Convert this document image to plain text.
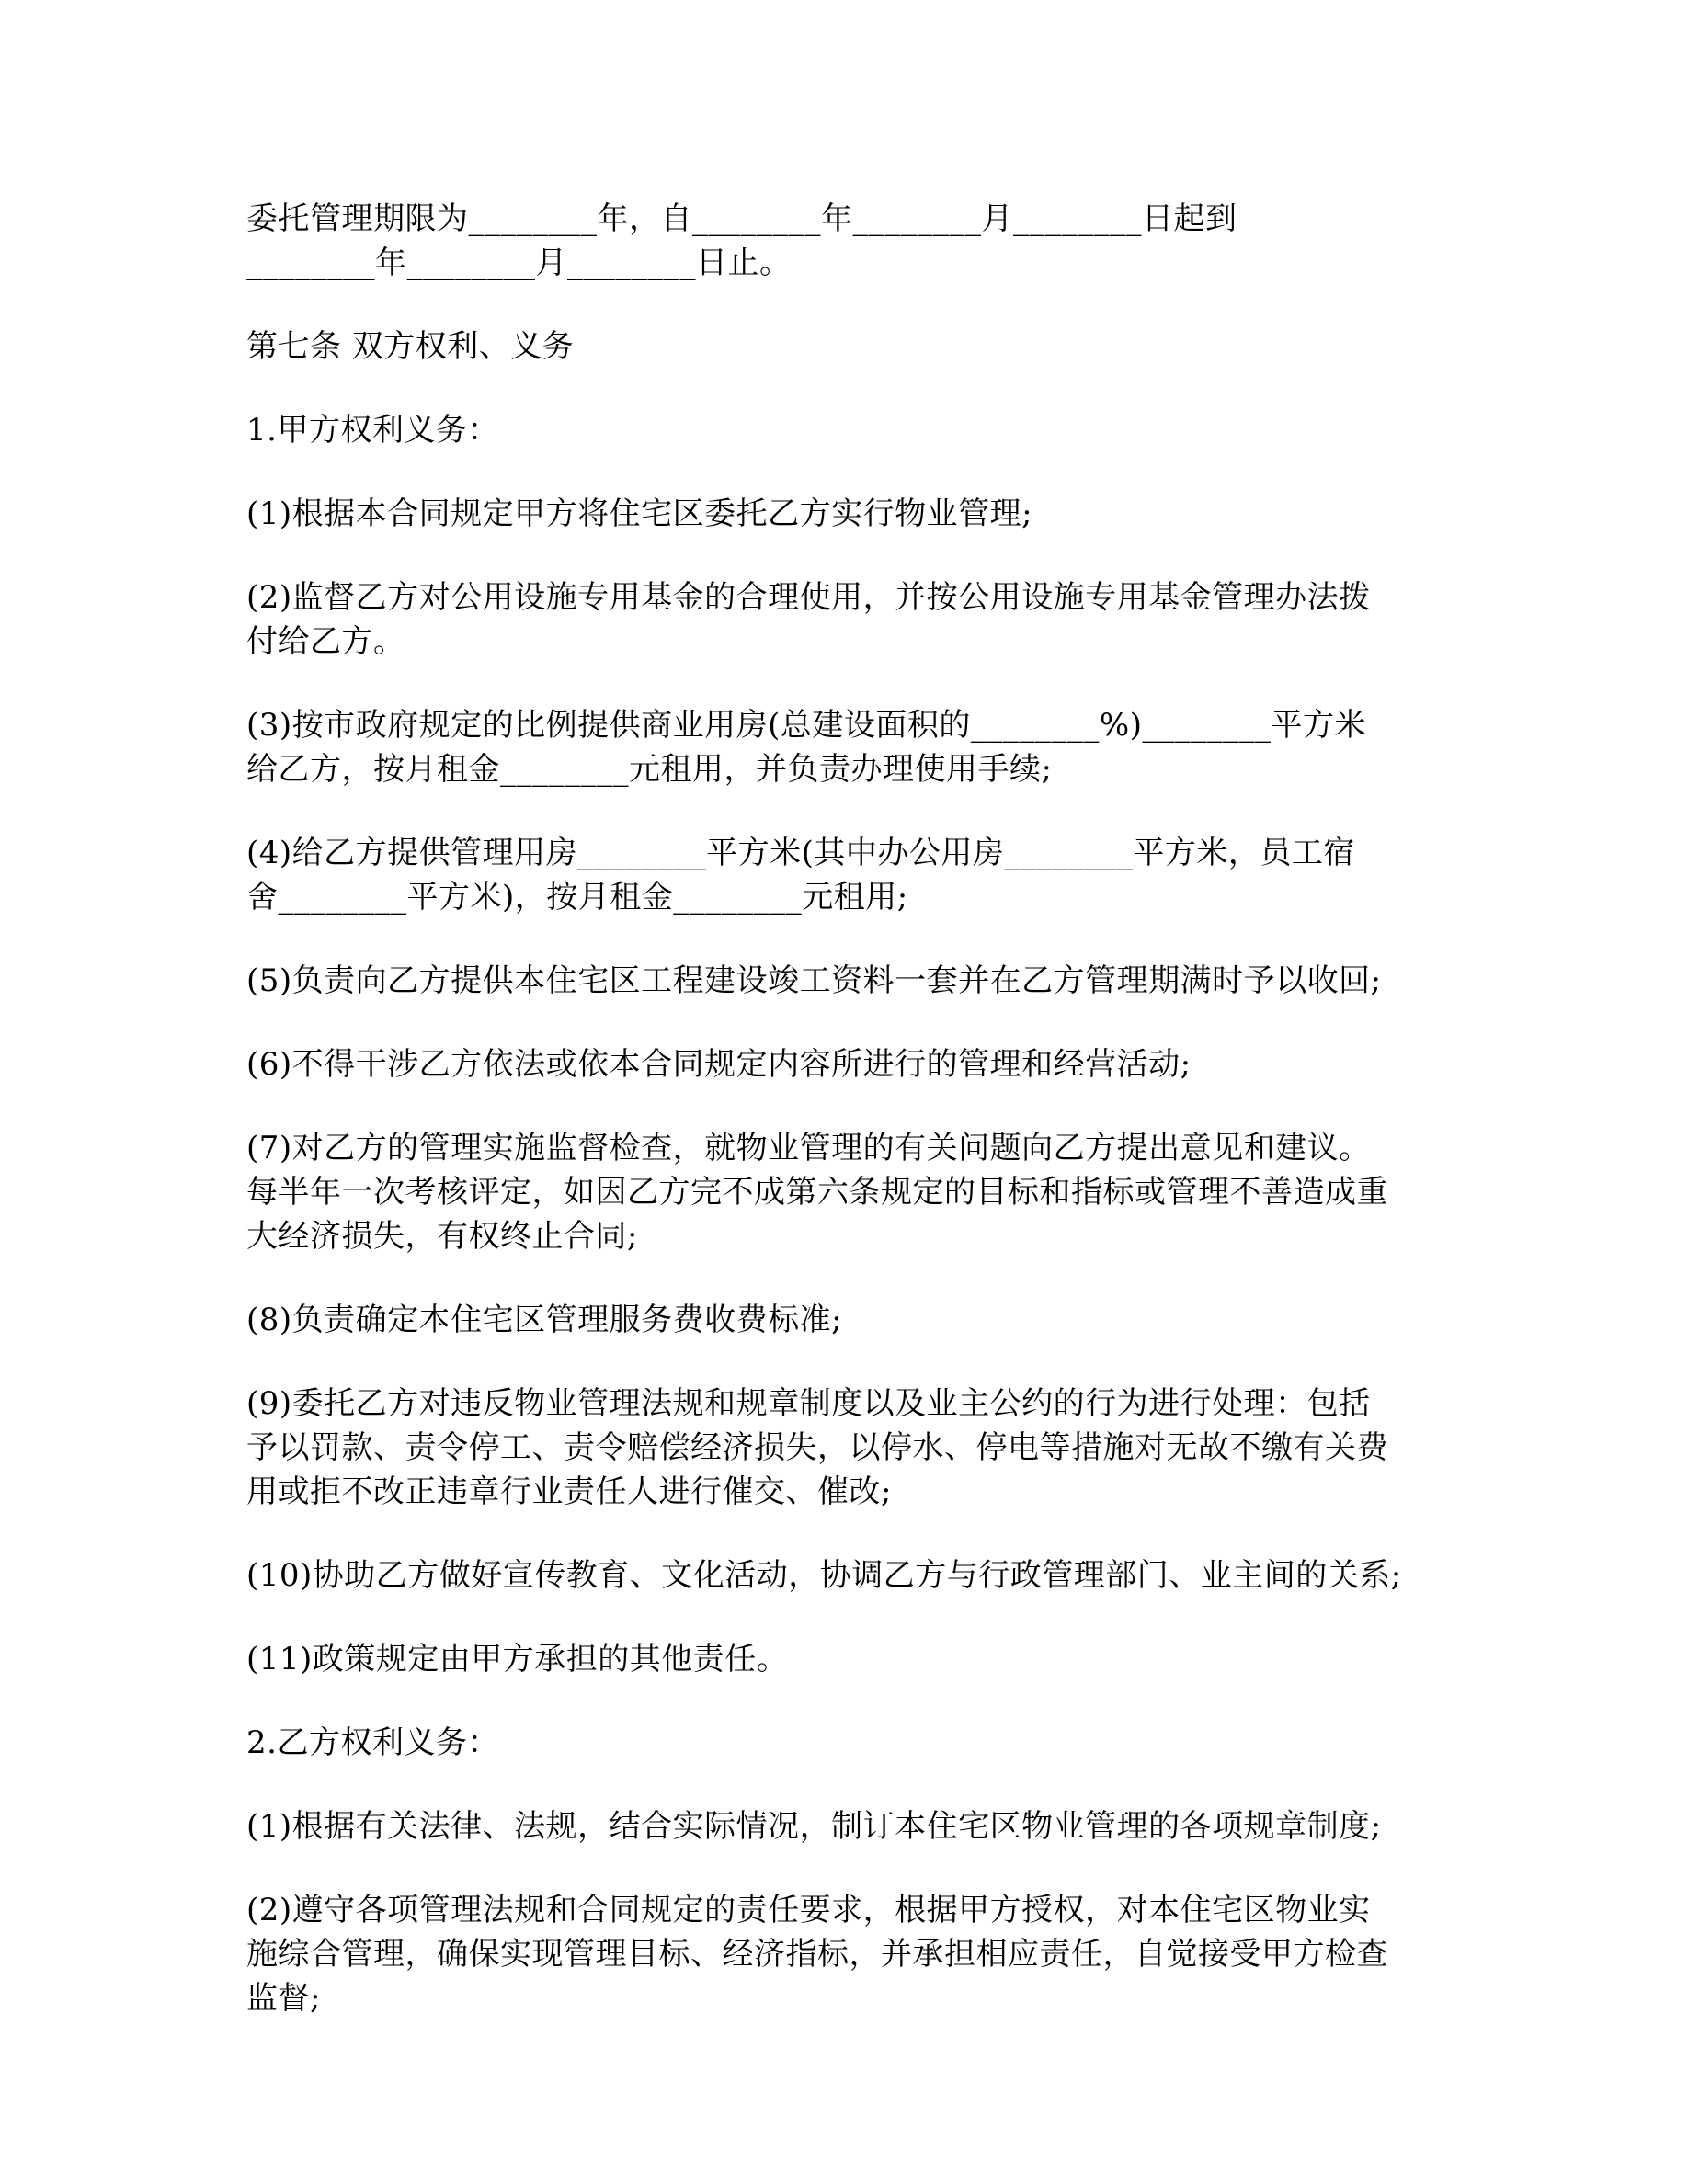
委托管理期限为________年，自________年________月________日起到
________年________月________日止。

第七条 双方权利、义务

1.甲方权利义务：

(1)根据本合同规定甲方将住宅区委托乙方实行物业管理;

(2)监督乙方对公用设施专用基金的合理使用，并按公用设施专用基金管理办法拨
付给乙方。

(3)按市政府规定的比例提供商业用房(总建设面积的________%)________平方米
给乙方，按月租金________元租用，并负责办理使用手续;

(4)给乙方提供管理用房________平方米(其中办公用房________平方米，员工宿
舍________平方米)，按月租金________元租用;

(5)负责向乙方提供本住宅区工程建设竣工资料一套并在乙方管理期满时予以收回;

(6)不得干涉乙方依法或依本合同规定内容所进行的管理和经营活动;

(7)对乙方的管理实施监督检查，就物业管理的有关问题向乙方提出意见和建议。
每半年一次考核评定，如因乙方完不成第六条规定的目标和指标或管理不善造成重
大经济损失，有权终止合同;

(8)负责确定本住宅区管理服务费收费标准;

(9)委托乙方对违反物业管理法规和规章制度以及业主公约的行为进行处理：包括
予以罚款、责令停工、责令赔偿经济损失，以停水、停电等措施对无故不缴有关费
用或拒不改正违章行业责任人进行催交、催改;

(10)协助乙方做好宣传教育、文化活动，协调乙方与行政管理部门、业主间的关系;

(11)政策规定由甲方承担的其他责任。

2.乙方权利义务：

(1)根据有关法律、法规，结合实际情况，制订本住宅区物业管理的各项规章制度;

(2)遵守各项管理法规和合同规定的责任要求，根据甲方授权，对本住宅区物业实
施综合管理，确保实现管理目标、经济指标，并承担相应责任，自觉接受甲方检查
监督;
